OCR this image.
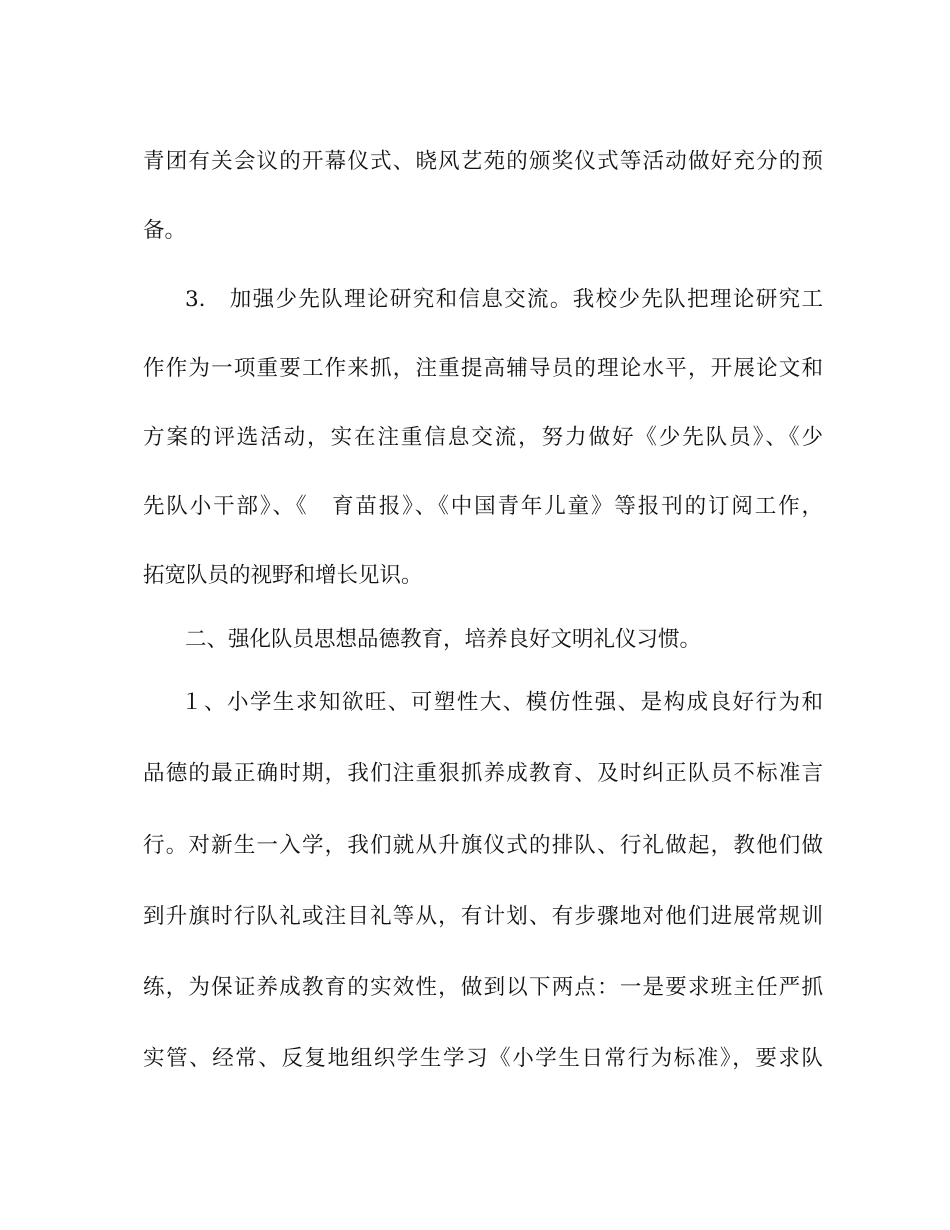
青团有关会议的开幕仪式、晓风艺苑的颁奖仪式等活动做好充分的预
备。
3.　加强少先队理论研究和信息交流。我校少先队把理论研究工
作作为一项重要工作来抓，注重提高辅导员的理论水平，开展论文和
方案的评选活动，实在注重信息交流，努力做好《少先队员》、《少
先队小干部》、《　育苗报》、《中国青年儿童》等报刊的订阅工作，
拓宽队员的视野和增长见识。
二、强化队员思想品德教育，培养良好文明礼仪习惯。
１、小学生求知欲旺、可塑性大、模仿性强、是构成良好行为和
品德的最正确时期，我们注重狠抓养成教育、及时纠正队员不标准言
行。对新生一入学，我们就从升旗仪式的排队、行礼做起，教他们做
到升旗时行队礼或注目礼等从，有计划、有步骤地对他们进展常规训
练，为保证养成教育的实效性，做到以下两点：一是要求班主任严抓
实管、经常、反复地组织学生学习《小学生日常行为标准》，要求队
